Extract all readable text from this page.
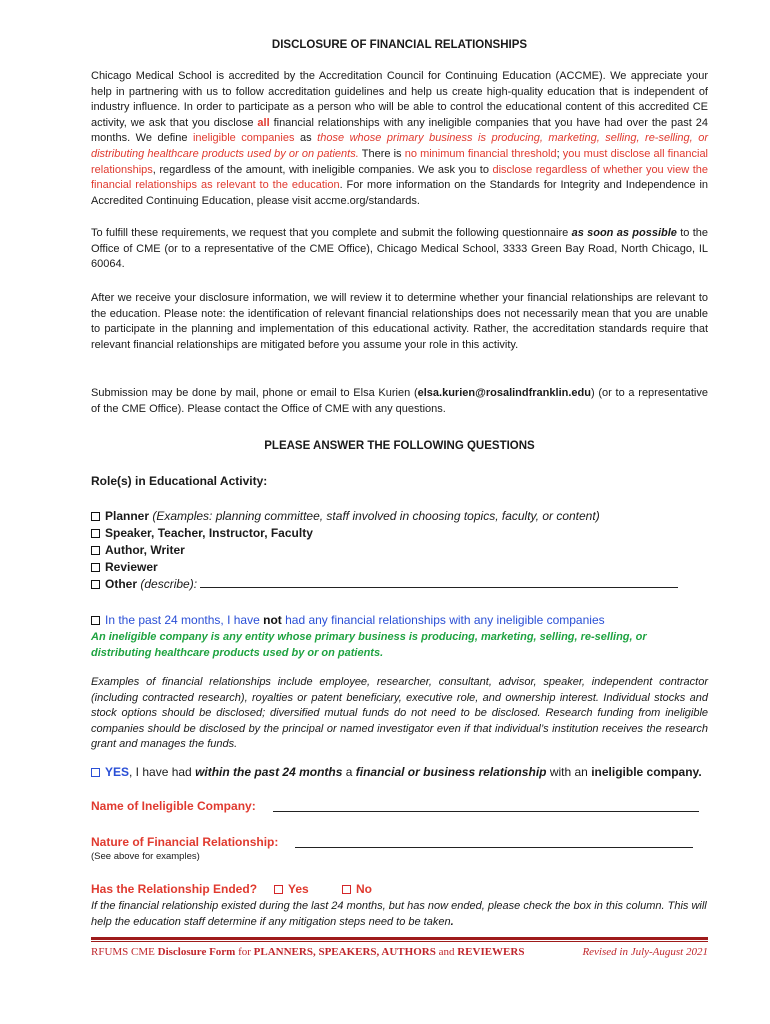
DISCLOSURE OF FINANCIAL RELATIONSHIPS

Chicago Medical School is accredited by the Accreditation Council for Continuing Education (ACCME). We appreciate your help in partnering with us to follow accreditation guidelines and help us create high-quality education that is independent of industry influence. In order to participate as a person who will be able to control the educational content of this accredited CE activity, we ask that you disclose all financial relationships with any ineligible companies that you have had over the past 24 months. We define ineligible companies as those whose primary business is producing, marketing, selling, re-selling, or distributing healthcare products used by or on patients. There is no minimum financial threshold; you must disclose all financial relationships, regardless of the amount, with ineligible companies. We ask you to disclose regardless of whether you view the financial relationships as relevant to the education. For more information on the Standards for Integrity and Independence in Accredited Continuing Education, please visit accme.org/standards.

To fulfill these requirements, we request that you complete and submit the following questionnaire as soon as possible to the Office of CME (or to a representative of the CME Office), Chicago Medical School, 3333 Green Bay Road, North Chicago, IL 60064.

After we receive your disclosure information, we will review it to determine whether your financial relationships are relevant to the education. Please note: the identification of relevant financial relationships does not necessarily mean that you are unable to participate in the planning and implementation of this educational activity. Rather, the accreditation standards require that relevant financial relationships are mitigated before you assume your role in this activity.

Submission may be done by mail, phone or email to Elsa Kurien (elsa.kurien@rosalindfranklin.edu) (or to a representative of the CME Office). Please contact the Office of CME with any questions.

PLEASE ANSWER THE FOLLOWING QUESTIONS
Role(s) in Educational Activity:
Planner (Examples: planning committee, staff involved in choosing topics, faculty, or content)
Speaker, Teacher, Instructor, Faculty
Author, Writer
Reviewer
Other (describe):
In the past 24 months, I have not had any financial relationships with any ineligible companies

An ineligible company is any entity whose primary business is producing, marketing, selling, re-selling, or distributing healthcare products used by or on patients.

Examples of financial relationships include employee, researcher, consultant, advisor, speaker, independent contractor (including contracted research), royalties or patent beneficiary, executive role, and ownership interest. Individual stocks and stock options should be disclosed; diversified mutual funds do not need to be disclosed. Research funding from ineligible companies should be disclosed by the principal or named investigator even if that individual’s institution receives the research grant and manages the funds.

YES, I have had within the past 24 months a financial or business relationship with an ineligible company.
Name of Ineligible Company:
Nature of Financial Relationship:
(See above for examples)
Has the Relationship Ended?	Yes	No

If the financial relationship existed during the last 24 months, but has now ended, please check the box in this column. This will help the education staff determine if any mitigation steps need to be taken.

RFUMS CME Disclosure Form for PLANNERS, SPEAKERS, AUTHORS and REVIEWERS	Revised in July-August 2021
